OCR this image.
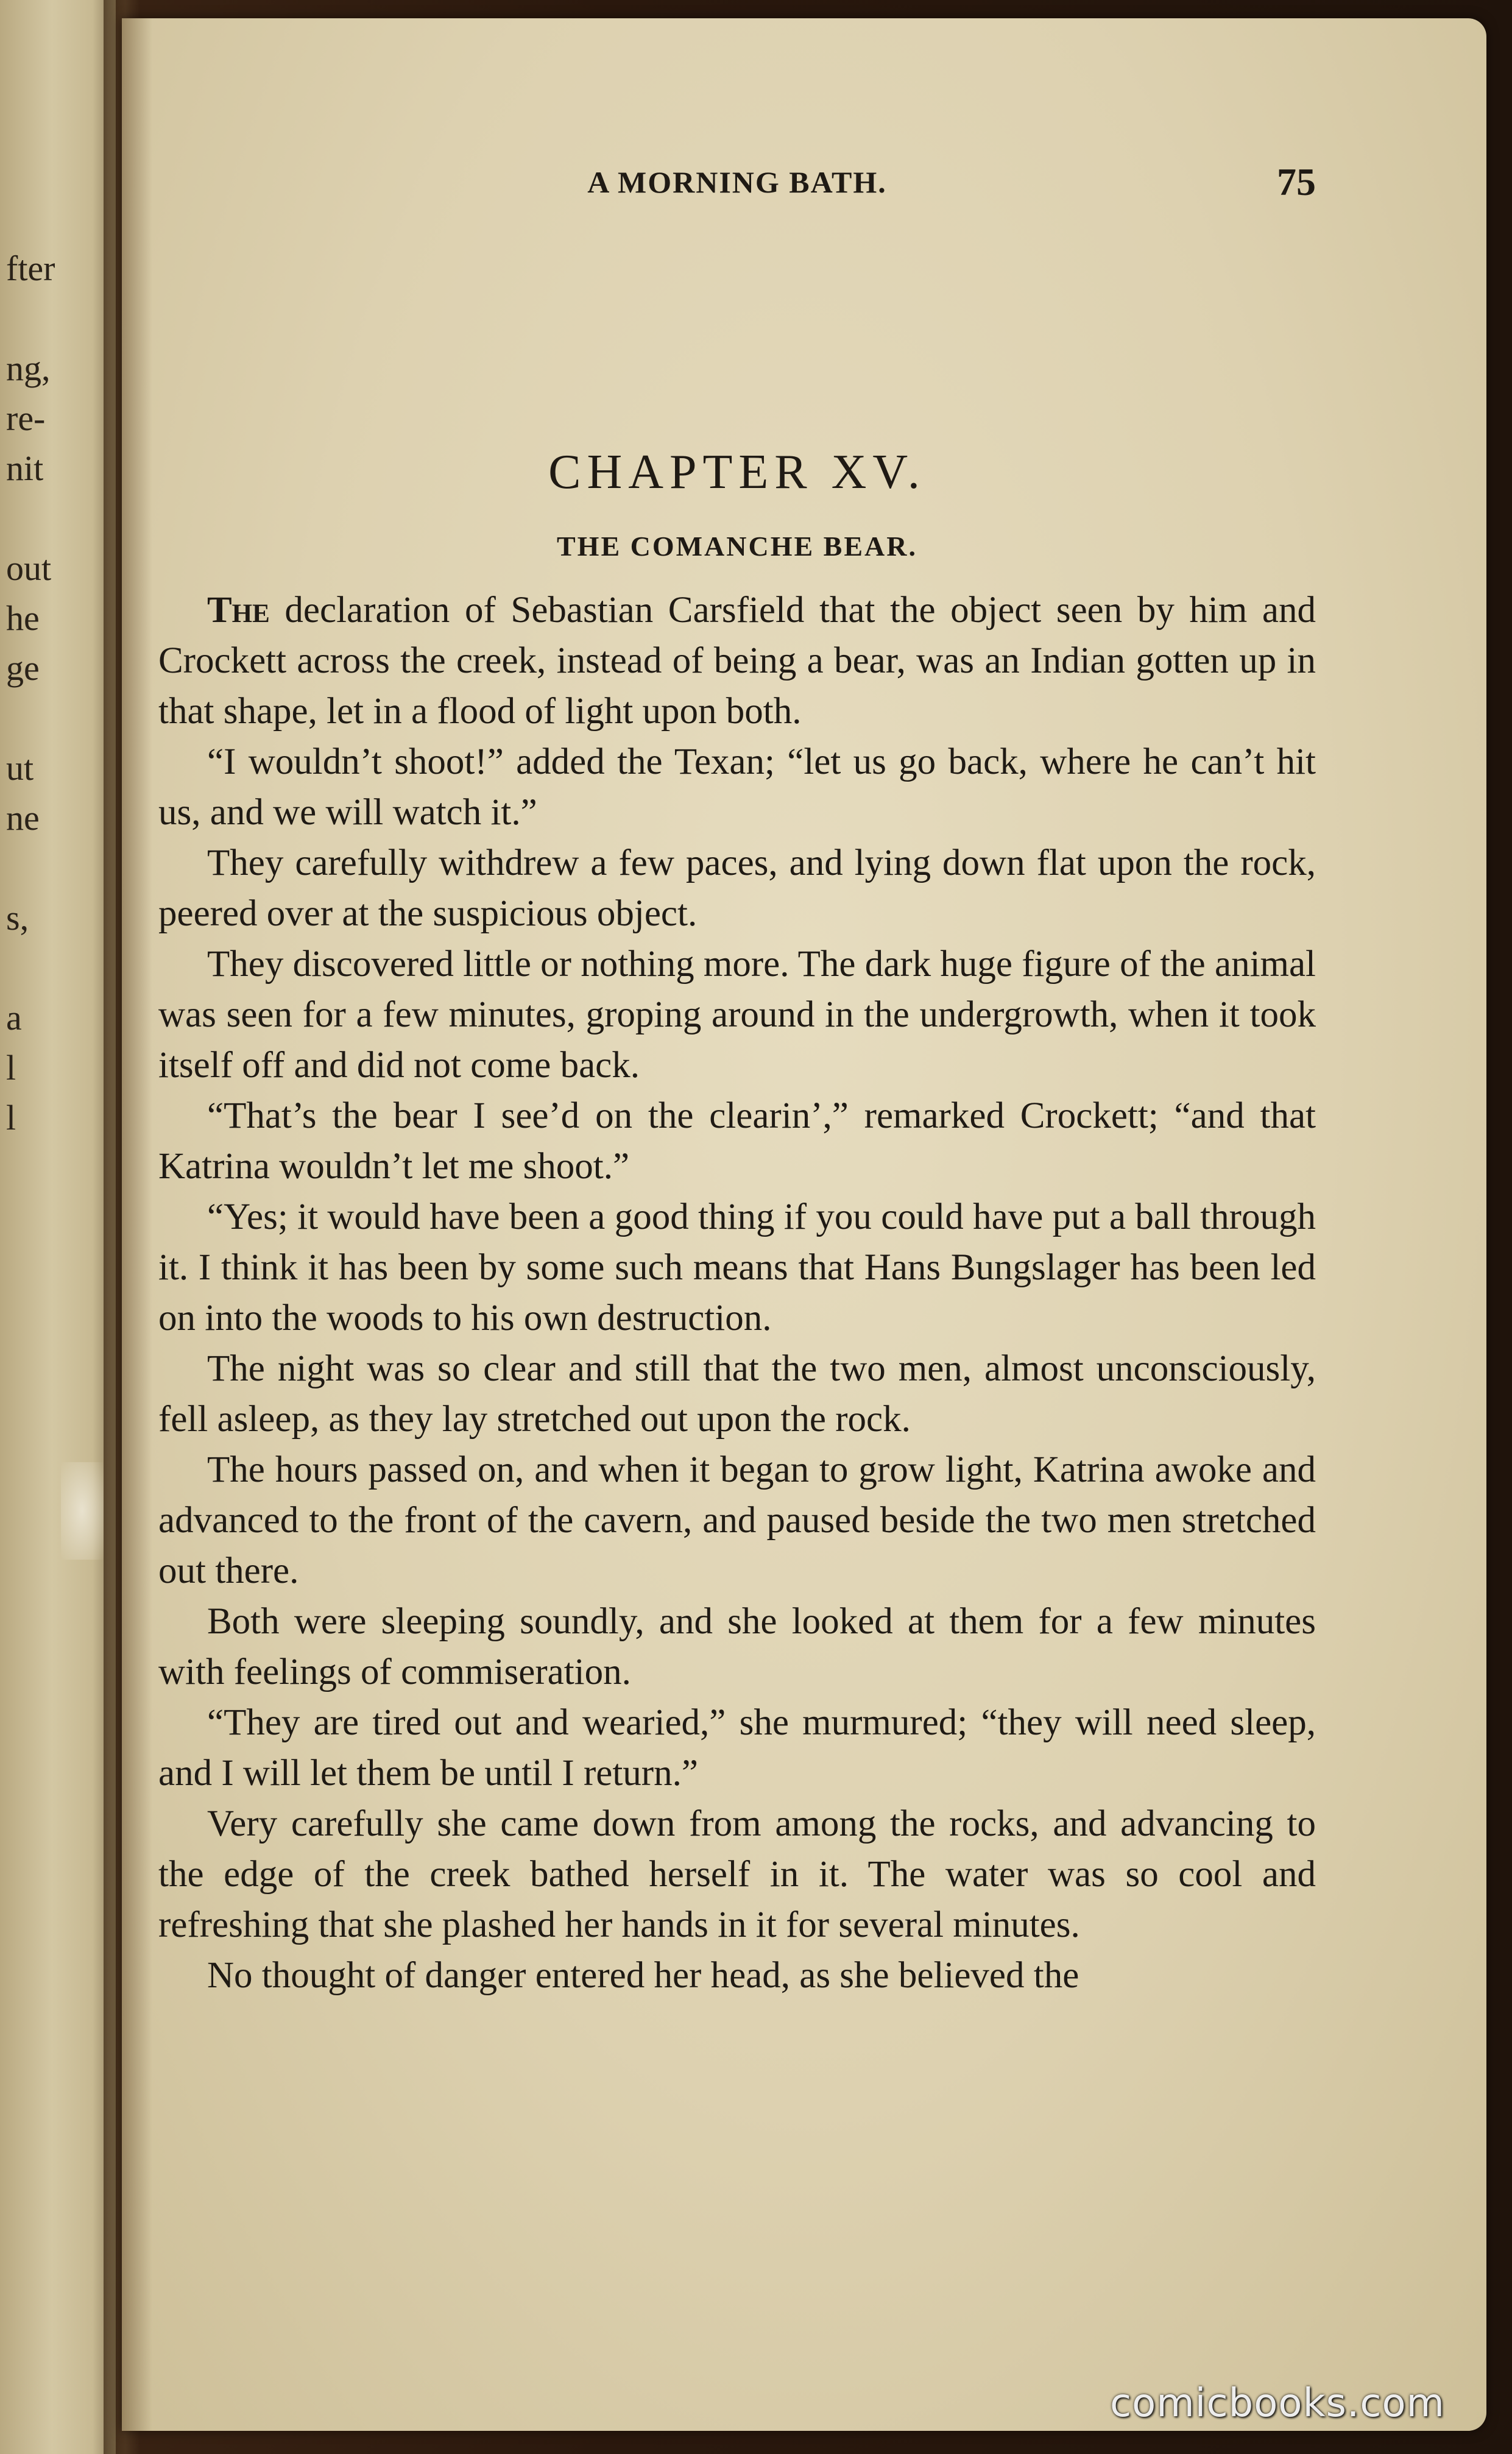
fter
ng,
re-
nit
out
he
ge
ut
ne
s,
a
l
l
A MORNING BATH.	75
CHAPTER XV.
THE COMANCHE BEAR.

The declaration of Sebastian Carsfield that the object seen by him and Crockett across the creek, instead of being a bear, was an Indian gotten up in that shape, let in a flood of light upon both.

“I wouldn’t shoot!” added the Texan; “let us go back, where he can’t hit us, and we will watch it.”

They carefully withdrew a few paces, and lying down flat upon the rock, peered over at the suspicious object.

They discovered little or nothing more. The dark huge figure of the animal was seen for a few minutes, groping around in the undergrowth, when it took itself off and did not come back.

“That’s the bear I see’d on the clearin’,” remarked Crockett; “and that Katrina wouldn’t let me shoot.”

“Yes; it would have been a good thing if you could have put a ball through it. I think it has been by some such means that Hans Bungslager has been led on into the woods to his own destruction.

The night was so clear and still that the two men, almost unconsciously, fell asleep, as they lay stretched out upon the rock.

The hours passed on, and when it began to grow light, Katrina awoke and advanced to the front of the cavern, and paused beside the two men stretched out there.

Both were sleeping soundly, and she looked at them for a few minutes with feelings of commiseration.

“They are tired out and wearied,” she murmured; “they will need sleep, and I will let them be until I return.”

Very carefully she came down from among the rocks, and advancing to the edge of the creek bathed herself in it. The water was so cool and refreshing that she plashed her hands in it for several minutes.

No thought of danger entered her head, as she believed the

comicbooks.com
